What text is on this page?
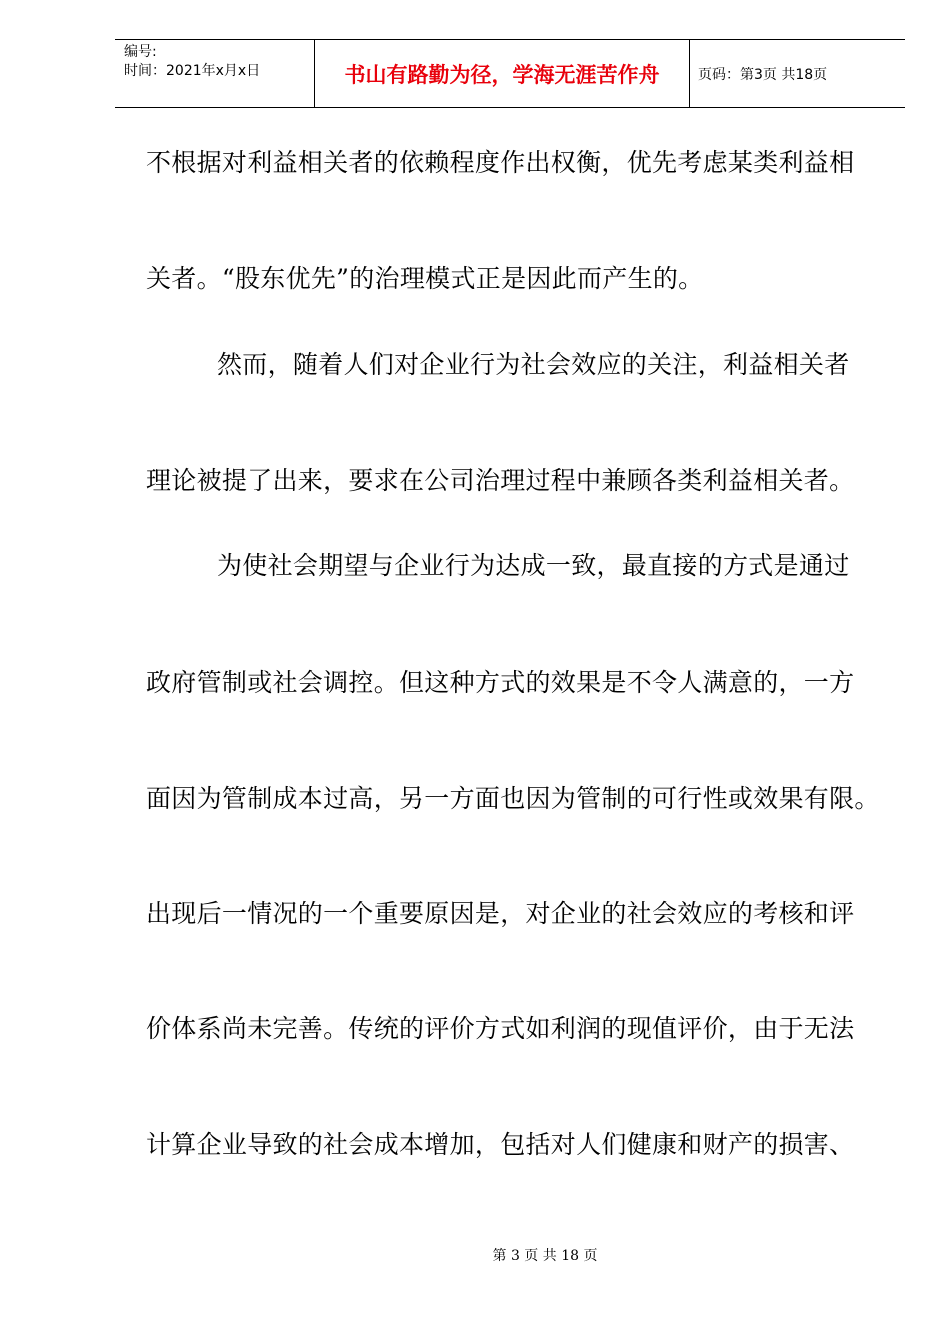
编号:
时间：2021年x月x日	书山有路勤为径，学海无涯苦作舟	页码：第3页 共18页
不根据对利益相关者的依赖程度作出权衡，优先考虑某类利益相
关者。“股东优先”的治理模式正是因此而产生的。
然而，随着人们对企业行为社会效应的关注，利益相关者
理论被提了出来，要求在公司治理过程中兼顾各类利益相关者。
为使社会期望与企业行为达成一致，最直接的方式是通过
政府管制或社会调控。但这种方式的效果是不令人满意的，一方
面因为管制成本过高，另一方面也因为管制的可行性或效果有限。
出现后一情况的一个重要原因是，对企业的社会效应的考核和评
价体系尚未完善。传统的评价方式如利润的现值评价，由于无法
计算企业导致的社会成本增加，包括对人们健康和财产的损害、
第 3 页 共 18 页
